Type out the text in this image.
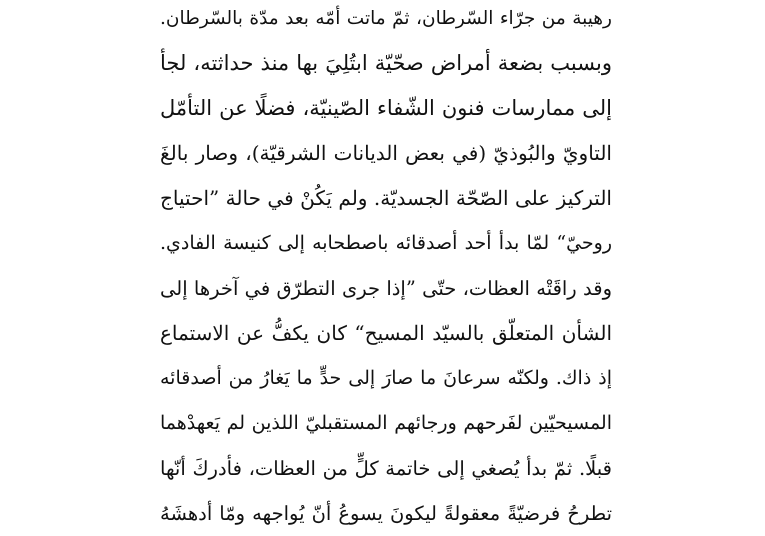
رهيبة من جرّاء السّرطان، ثمّ ماتت أمّه بعد مدّة بالسّرطان.
وبسبب بضعة أمراض صحّيّة ابتُلِيَ بها منذ حداثته، لجأ
إلى ممارسات فنون الشّفاء الصّينيّة، فضلًا عن التأمّل
التاويّ والبُوذيّ (في بعض الديانات الشرقيّة)، وصار بالغَ
التركيز على الصّحّة الجسديّة. ولم يَكُنْ في حالة ”احتياج
روحيّ“ لمّا بدأ أحد أصدقائه باصطحابه إلى كنيسة الفادي.
وقد راقَتْه العظات، حتّى ”إذا جرى التطرّق في آخرها إلى
الشأن المتعلّق بالسيّد المسيح“ كان يكفُّ عن الاستماع
إذ ذاك. ولكنّه سرعانَ ما صارَ إلى حدٍّ ما يَغارُ من أصدقائه
المسيحيّين لفَرحهم ورجائهم المستقبليّ اللذين لم يَعهدْهما
قبلًا. ثمّ بدأ يُصغي إلى خاتمة كلٍّ من العظات، فأدركَ أنّها
تطرحُ فرضيّةً معقولةً ليكونَ يسوعُ أنّ يُواجهه ومّا أدهشَهُ
